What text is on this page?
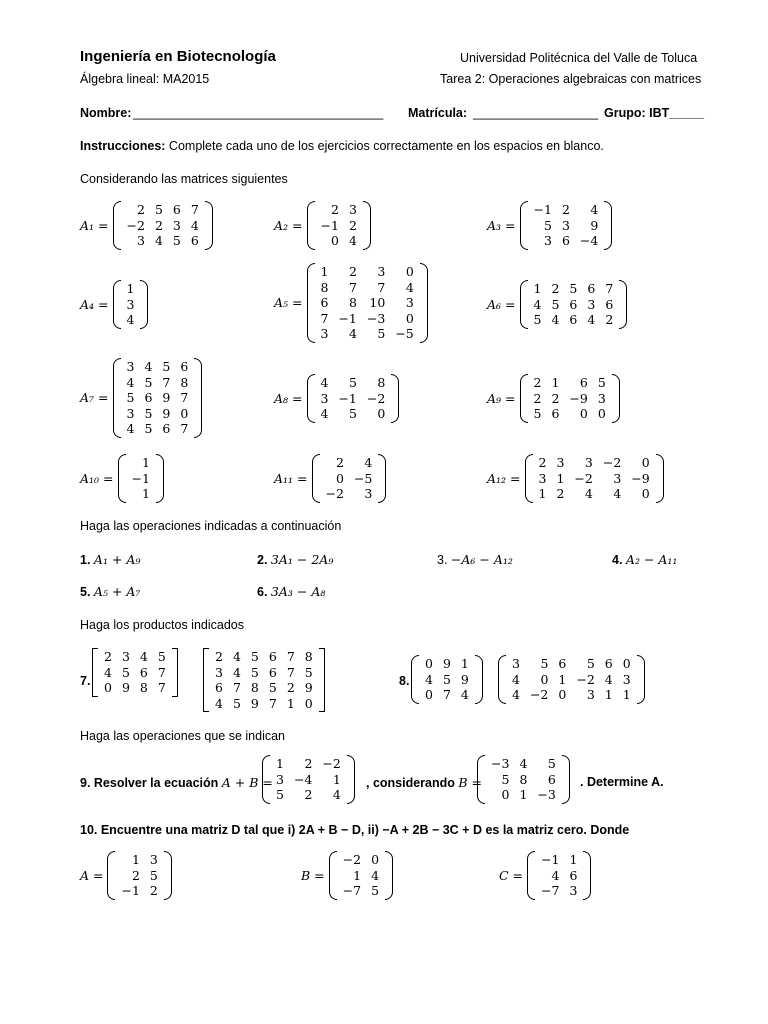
Ingeniería en Biotecnología
Álgebra lineal: MA2015
Universidad Politécnica del Valle de Toluca
Tarea 2: Operaciones algebraicas con matrices
Nombre: ____________________________________ Matrícula: __________________ Grupo: IBT_____
Instrucciones: Complete cada uno de los ejercicios correctamente en los espacios en blanco.
Considerando las matrices siguientes
A₁ =
2	5	6	7
−2	2	3	4
3	4	5	6
A₂ =
2	3
−1	2
0	4
A₃ =
−1	2	4
5	3	9
3	6	−4
A₄ =
1
3
4
A₅ =
1	2	3	0
8	7	7	4
6	8	10	3
7	−1	−3	0
3	4	5	−5
A₆ =
1	2	5	6	7
4	5	6	3	6
5	4	6	4	2
A₇ =
3	4	5	6
4	5	7	8
5	6	9	7
3	5	9	0
4	5	6	7
A₈ =
4	5	8
3	−1	−2
4	5	0
A₉ =
2	1	6	5
2	2	−9	3
5	6	0	0
A₁₀ =
1
−1
1
A₁₁ =
2	4
0	−5
−2	3
A₁₂ =
2	3	3	−2	0
3	1	−2	3	−9
1	2	4	4	0
Haga las operaciones indicadas a continuación
1. A₁ + A₉	2. 3A₁ − 2A₉	3. −A₆ − A₁₂	4. A₂ − A₁₁
5. A₅ + A₇	6. 3A₃ − A₈
Haga los productos indicados
7.
2	3	4	5
4	5	6	7
0	9	8	7
2	4	5	6	7	8
3	4	5	6	7	5
6	7	8	5	2	9
4	5	9	7	1	0
8.
0	9	1
4	5	9
0	7	4
3	5	6	5	6	0
4	0	1	−2	4	3
4	−2	0	3	1	1
Haga las operaciones que se indican
9. Resolver la ecuación A + B =
1	2	−2
3	−4	1
5	2	4
, considerando B =
−3	4	5
5	8	6
0	1	−3
. Determine A.
10. Encuentre una matriz D tal que i) 2A + B − D, ii) −A + 2B − 3C + D es la matriz cero. Donde
A =
1	3
2	5
−1	2
B =
−2	0
1	4
−7	5
C =
−1	1
4	6
−7	3
